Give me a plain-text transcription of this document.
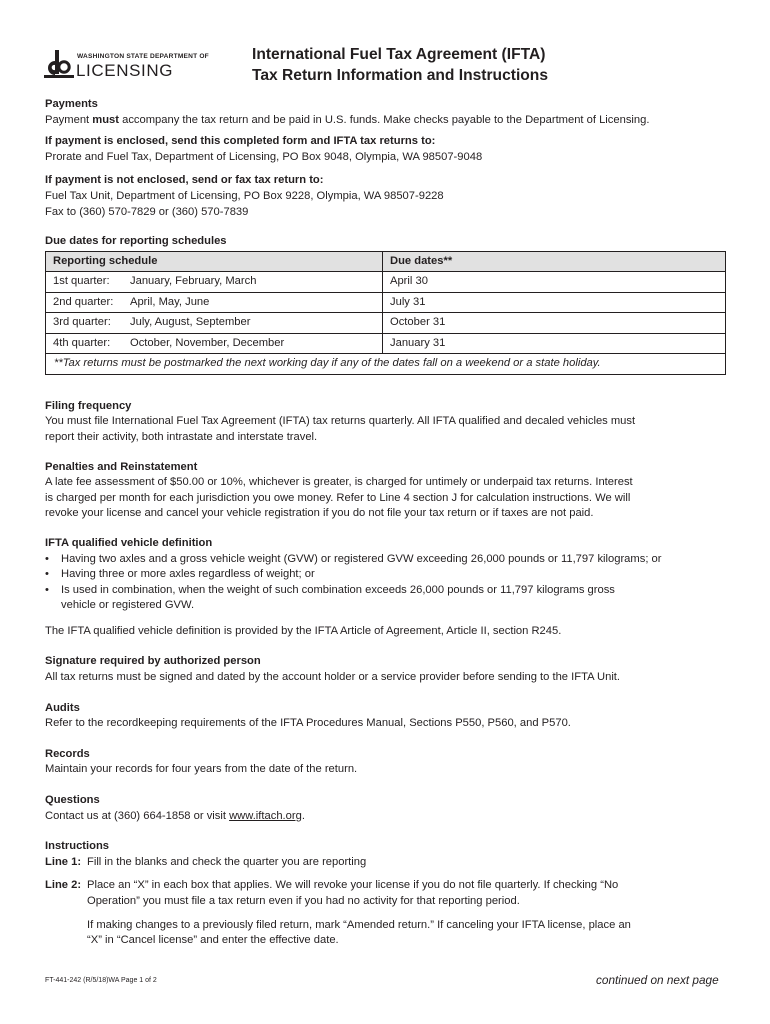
WASHINGTON STATE DEPARTMENT OF
LICENSING
International Fuel Tax Agreement (IFTA)
Tax Return Information and Instructions
Payments

Payment must accompany the tax return and be paid in U.S. funds. Make checks payable to the Department of Licensing.

If payment is enclosed, send this completed form and IFTA tax returns to:

Prorate and Fuel Tax, Department of Licensing, PO Box 9048, Olympia, WA 98507-9048

If payment is not enclosed, send or fax tax return to:

Fuel Tax Unit, Department of Licensing, PO Box 9228, Olympia, WA 98507-9228

Fax to (360) 570-7829 or (360) 570-7839

Due dates for reporting schedules
Reporting schedule		Due dates**
1st quarter:	January, February, March	April 30
2nd quarter:	April, May, June	July 31
3rd quarter:	July, August, September	October 31
4th quarter:	October, November, December	January 31
**Tax returns must be postmarked the next working day if any of the dates fall on a weekend or a state holiday.		
Filing frequency

You must file International Fuel Tax Agreement (IFTA) tax returns quarterly. All IFTA qualified and decaled vehicles must

report their activity, both intrastate and interstate travel.

Penalties and Reinstatement

A late fee assessment of $50.00 or 10%, whichever is greater, is charged for untimely or underpaid tax returns. Interest

is charged per month for each jurisdiction you owe money. Refer to Line 4 section J for calculation instructions. We will

revoke your license and cancel your vehicle registration if you do not file your tax return or if taxes are not paid.

IFTA qualified vehicle definition
• Having two axles and a gross vehicle weight (GVW) or registered GVW exceeding 26,000 pounds or 11,797 kilograms; or
• Having three or more axles regardless of weight; or
• Is used in combination, when the weight of such combination exceeds 26,000 pounds or 11,797 kilograms gross
vehicle or registered GVW.

The IFTA qualified vehicle definition is provided by the IFTA Article of Agreement, Article II, section R245.

Signature required by authorized person

All tax returns must be signed and dated by the account holder or a service provider before sending to the IFTA Unit.

Audits

Refer to the recordkeeping requirements of the IFTA Procedures Manual, Sections P550, P560, and P570.

Records

Maintain your records for four years from the date of the return.

Questions

Contact us at (360) 664-1858 or visit www.iftach.org.

Instructions
Line 1: Fill in the blanks and check the quarter you are reporting
Line 2: Place an “X” in each box that applies. We will revoke your license if you do not file quarterly. If checking “No

Operation” you must file a tax return even if you had no activity for that reporting period.

If making changes to a previously filed return, mark “Amended return.” If canceling your IFTA license, place an

“X” in “Cancel license” and enter the effective date.

FT-441-242 (R/5/18)WA Page 1 of 2	continued on next page
